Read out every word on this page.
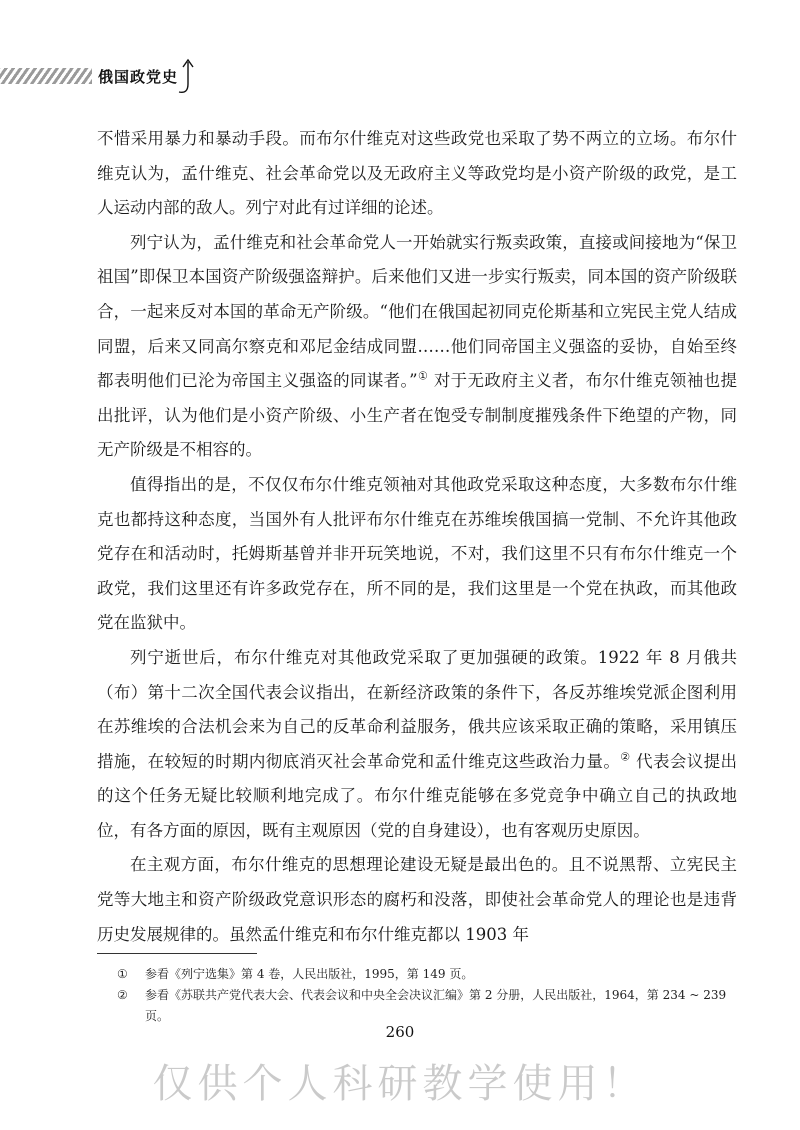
俄国政党史

不惜采用暴力和暴动手段。而布尔什维克对这些政党也采取了势不两立的立场。布尔什维克认为，孟什维克、社会革命党以及无政府主义等政党均是小资产阶级的政党，是工人运动内部的敌人。列宁对此有过详细的论述。

列宁认为，孟什维克和社会革命党人一开始就实行叛卖政策，直接或间接地为“保卫祖国”即保卫本国资产阶级强盗辩护。后来他们又进一步实行叛卖，同本国的资产阶级联合，一起来反对本国的革命无产阶级。“他们在俄国起初同克伦斯基和立宪民主党人结成同盟，后来又同高尔察克和邓尼金结成同盟……他们同帝国主义强盗的妥协，自始至终都表明他们已沦为帝国主义强盗的同谋者。”① 对于无政府主义者，布尔什维克领袖也提出批评，认为他们是小资产阶级、小生产者在饱受专制制度摧残条件下绝望的产物，同无产阶级是不相容的。

值得指出的是，不仅仅布尔什维克领袖对其他政党采取这种态度，大多数布尔什维克也都持这种态度，当国外有人批评布尔什维克在苏维埃俄国搞一党制、不允许其他政党存在和活动时，托姆斯基曾并非开玩笑地说，不对，我们这里不只有布尔什维克一个政党，我们这里还有许多政党存在，所不同的是，我们这里是一个党在执政，而其他政党在监狱中。

列宁逝世后，布尔什维克对其他政党采取了更加强硬的政策。1922 年 8 月俄共（布）第十二次全国代表会议指出，在新经济政策的条件下，各反苏维埃党派企图利用在苏维埃的合法机会来为自己的反革命利益服务，俄共应该采取正确的策略，采用镇压措施，在较短的时期内彻底消灭社会革命党和孟什维克这些政治力量。② 代表会议提出的这个任务无疑比较顺利地完成了。布尔什维克能够在多党竞争中确立自己的执政地位，有各方面的原因，既有主观原因（党的自身建设），也有客观历史原因。

在主观方面，布尔什维克的思想理论建设无疑是最出色的。且不说黑帮、立宪民主党等大地主和资产阶级政党意识形态的腐朽和没落，即使社会革命党人的理论也是违背历史发展规律的。虽然孟什维克和布尔什维克都以 1903 年

①	参看《列宁选集》第 4 卷，人民出版社，1995，第 149 页。
②	参看《苏联共产党代表大会、代表会议和中央全会决议汇编》第 2 分册，人民出版社，1964，第 234 ~ 239 页。
260
仅供个人科研教学使用！
